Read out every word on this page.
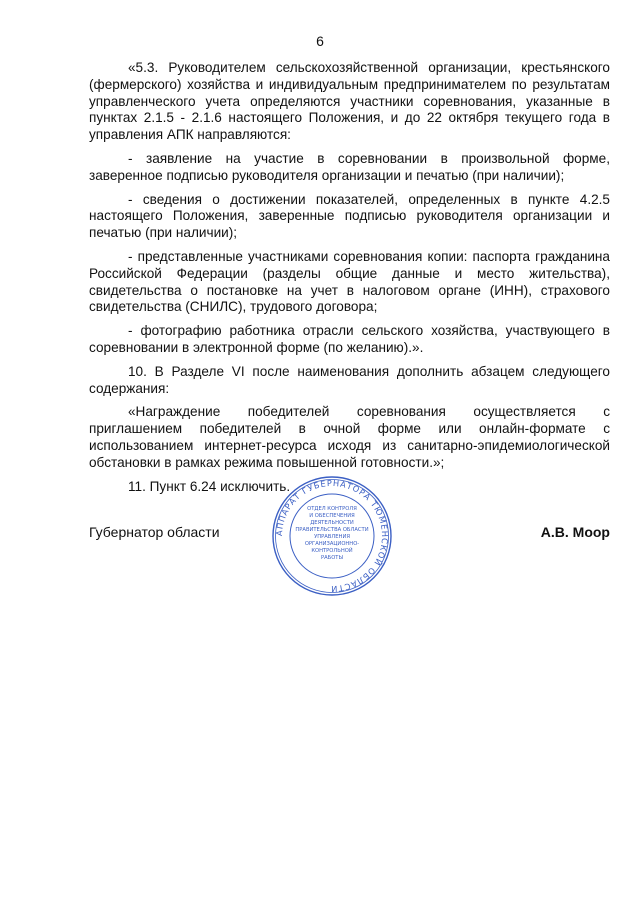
6

«5.3. Руководителем сельскохозяйственной организации, крестьянского (фермерского) хозяйства и индивидуальным предпринимателем по результатам управленческого учета определяются участники соревнования, указанные в пунктах 2.1.5 - 2.1.6 настоящего Положения, и до 22 октября текущего года в управления АПК направляются:

- заявление на участие в соревновании в произвольной форме, заверенное подписью руководителя организации и печатью (при наличии);

- сведения о достижении показателей, определенных в пункте 4.2.5 настоящего Положения, заверенные подписью руководителя организации и печатью (при наличии);

- представленные участниками соревнования копии: паспорта гражданина Российской Федерации (разделы общие данные и место жительства), свидетельства о постановке на учет в налоговом органе (ИНН), страхового свидетельства (СНИЛС), трудового договора;

- фотографию работника отрасли сельского хозяйства, участвующего в соревновании в электронной форме (по желанию).».

10. В Разделе VI после наименования дополнить абзацем следующего содержания:

«Награждение победителей соревнования осуществляется с приглашением победителей в очной форме или онлайн-формате с использованием интернет-ресурса исходя из санитарно-эпидемиологической обстановки в рамках режима повышенной готовности.»;

11. Пункт 6.24 исключить.

АППАРАТ ГУБЕРНАТОРА ТЮМЕНСКОЙ ОБЛАСТИ
ОТДЕЛ КОНТРОЛЯ
И ОБЕСПЕЧЕНИЯ
ДЕЯТЕЛЬНОСТИ
ПРАВИТЕЛЬСТВА ОБЛАСТИ
УПРАВЛЕНИЯ
ОРГАНИЗАЦИОННО-
КОНТРОЛЬНОЙ
РАБОТЫ
Губернатор области	А.В. Моор
